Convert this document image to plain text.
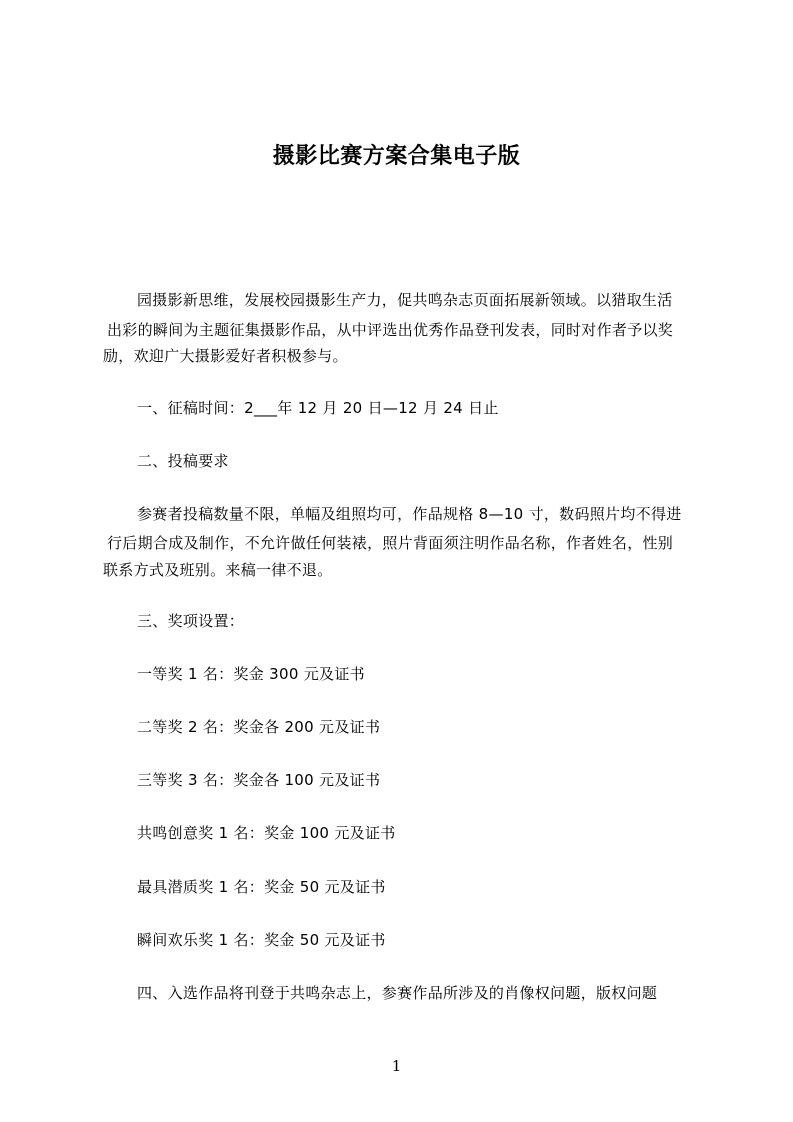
摄影比赛方案合集电子版
园摄影新思维，发展校园摄影生产力，促共鸣杂志页面拓展新领域。以猎取生活
出彩的瞬间为主题征集摄影作品，从中评选出优秀作品登刊发表，同时对作者予以奖
励，欢迎广大摄影爱好者积极参与。
一、征稿时间：2___年 12 月 20 日—12 月 24 日止
二、投稿要求
参赛者投稿数量不限，单幅及组照均可，作品规格 8—10 寸，数码照片均不得进
行后期合成及制作，不允许做任何装裱，照片背面须注明作品名称，作者姓名，性别
联系方式及班别。来稿一律不退。
三、奖项设置：
一等奖 1 名：奖金 300 元及证书
二等奖 2 名：奖金各 200 元及证书
三等奖 3 名：奖金各 100 元及证书
共鸣创意奖 1 名：奖金 100 元及证书
最具潜质奖 1 名：奖金 50 元及证书
瞬间欢乐奖 1 名：奖金 50 元及证书
四、入选作品将刊登于共鸣杂志上，参赛作品所涉及的肖像权问题，版权问题
1
